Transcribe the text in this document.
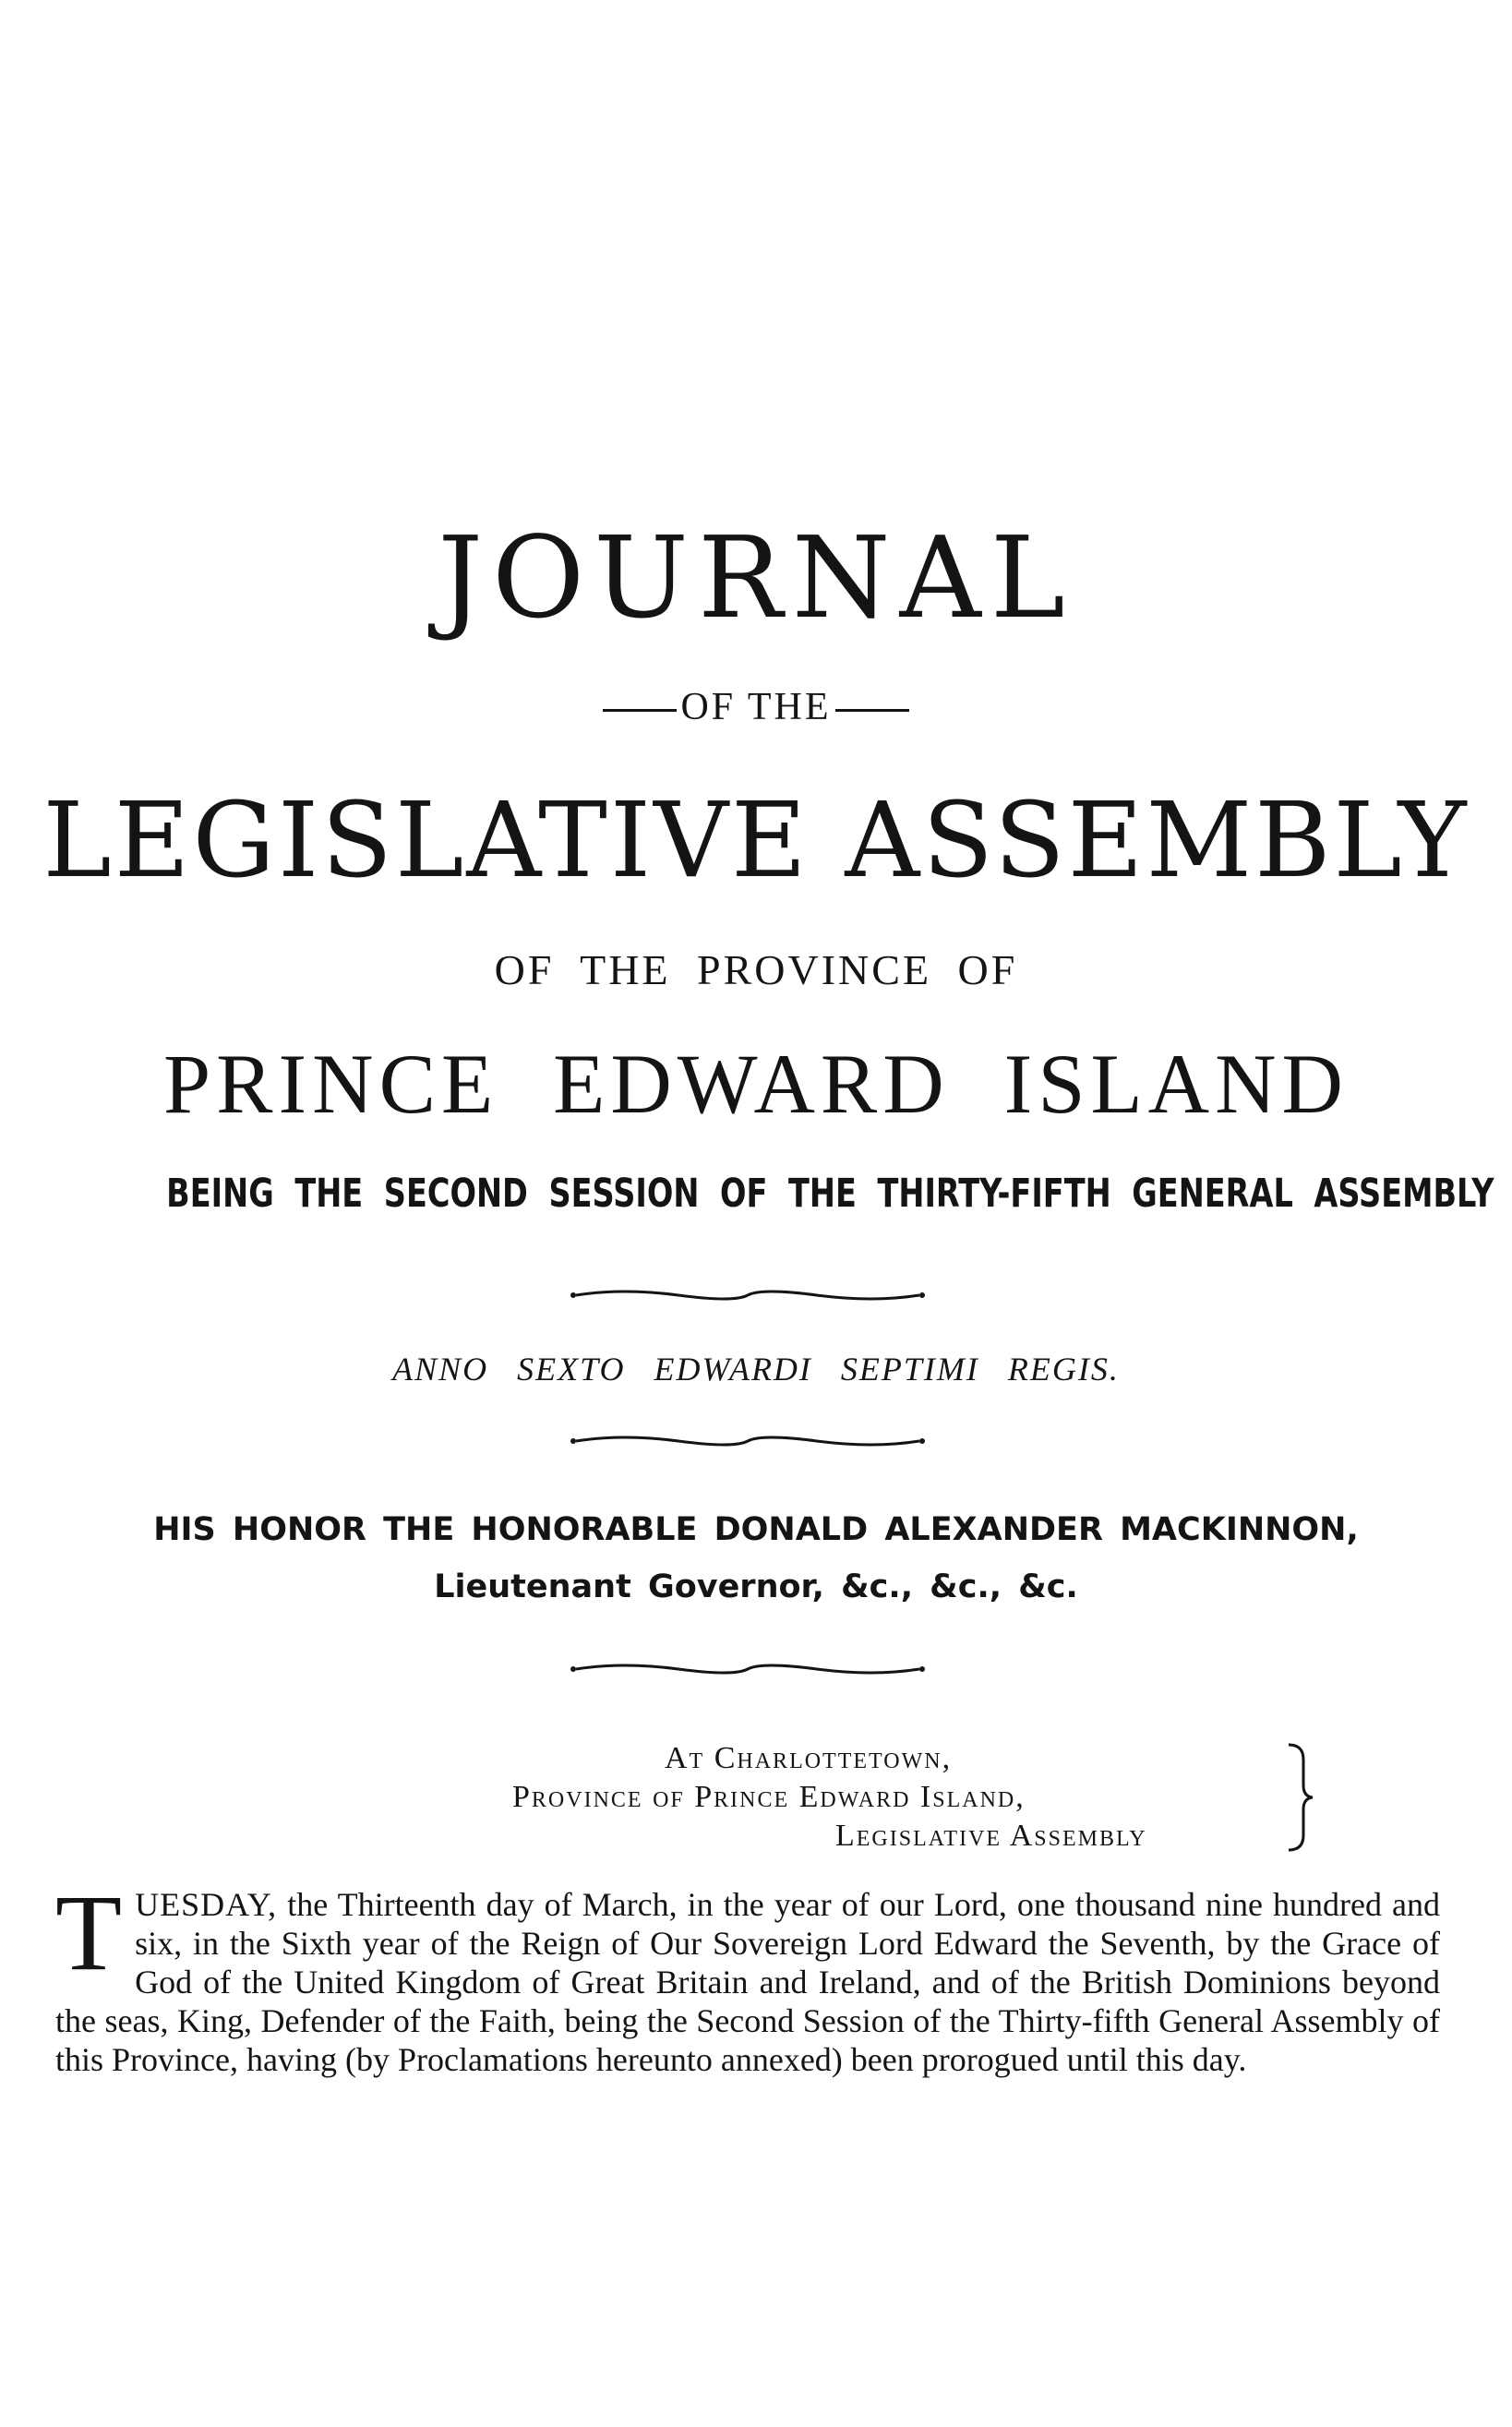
JOURNAL
OF THE
LEGISLATIVE ASSEMBLY
OF THE PROVINCE OF
PRINCE EDWARD ISLAND
BEING THE SECOND SESSION OF THE THIRTY-FIFTH GENERAL ASSEMBLY
ANNO SEXTO EDWARDI SEPTIMI REGIS.
HIS HONOR THE HONORABLE DONALD ALEXANDER MACKINNON,
Lieutenant Governor, &c., &c., &c.
At Charlottetown,
Province of Prince Edward Island,
Legislative Assembly

TUESDAY, the Thirteenth day of March, in the year of our Lord, one thousand nine hundred and six, in the Sixth year of the Reign of Our Sovereign Lord Edward the Seventh, by the Grace of God of the United Kingdom of Great Britain and Ireland, and of the British Dominions beyond the seas, King, Defender of the Faith, being the Second Session of the Thirty-fifth General Assembly of this Province, having (by Proclamations hereunto annexed) been prorogued until this day.
